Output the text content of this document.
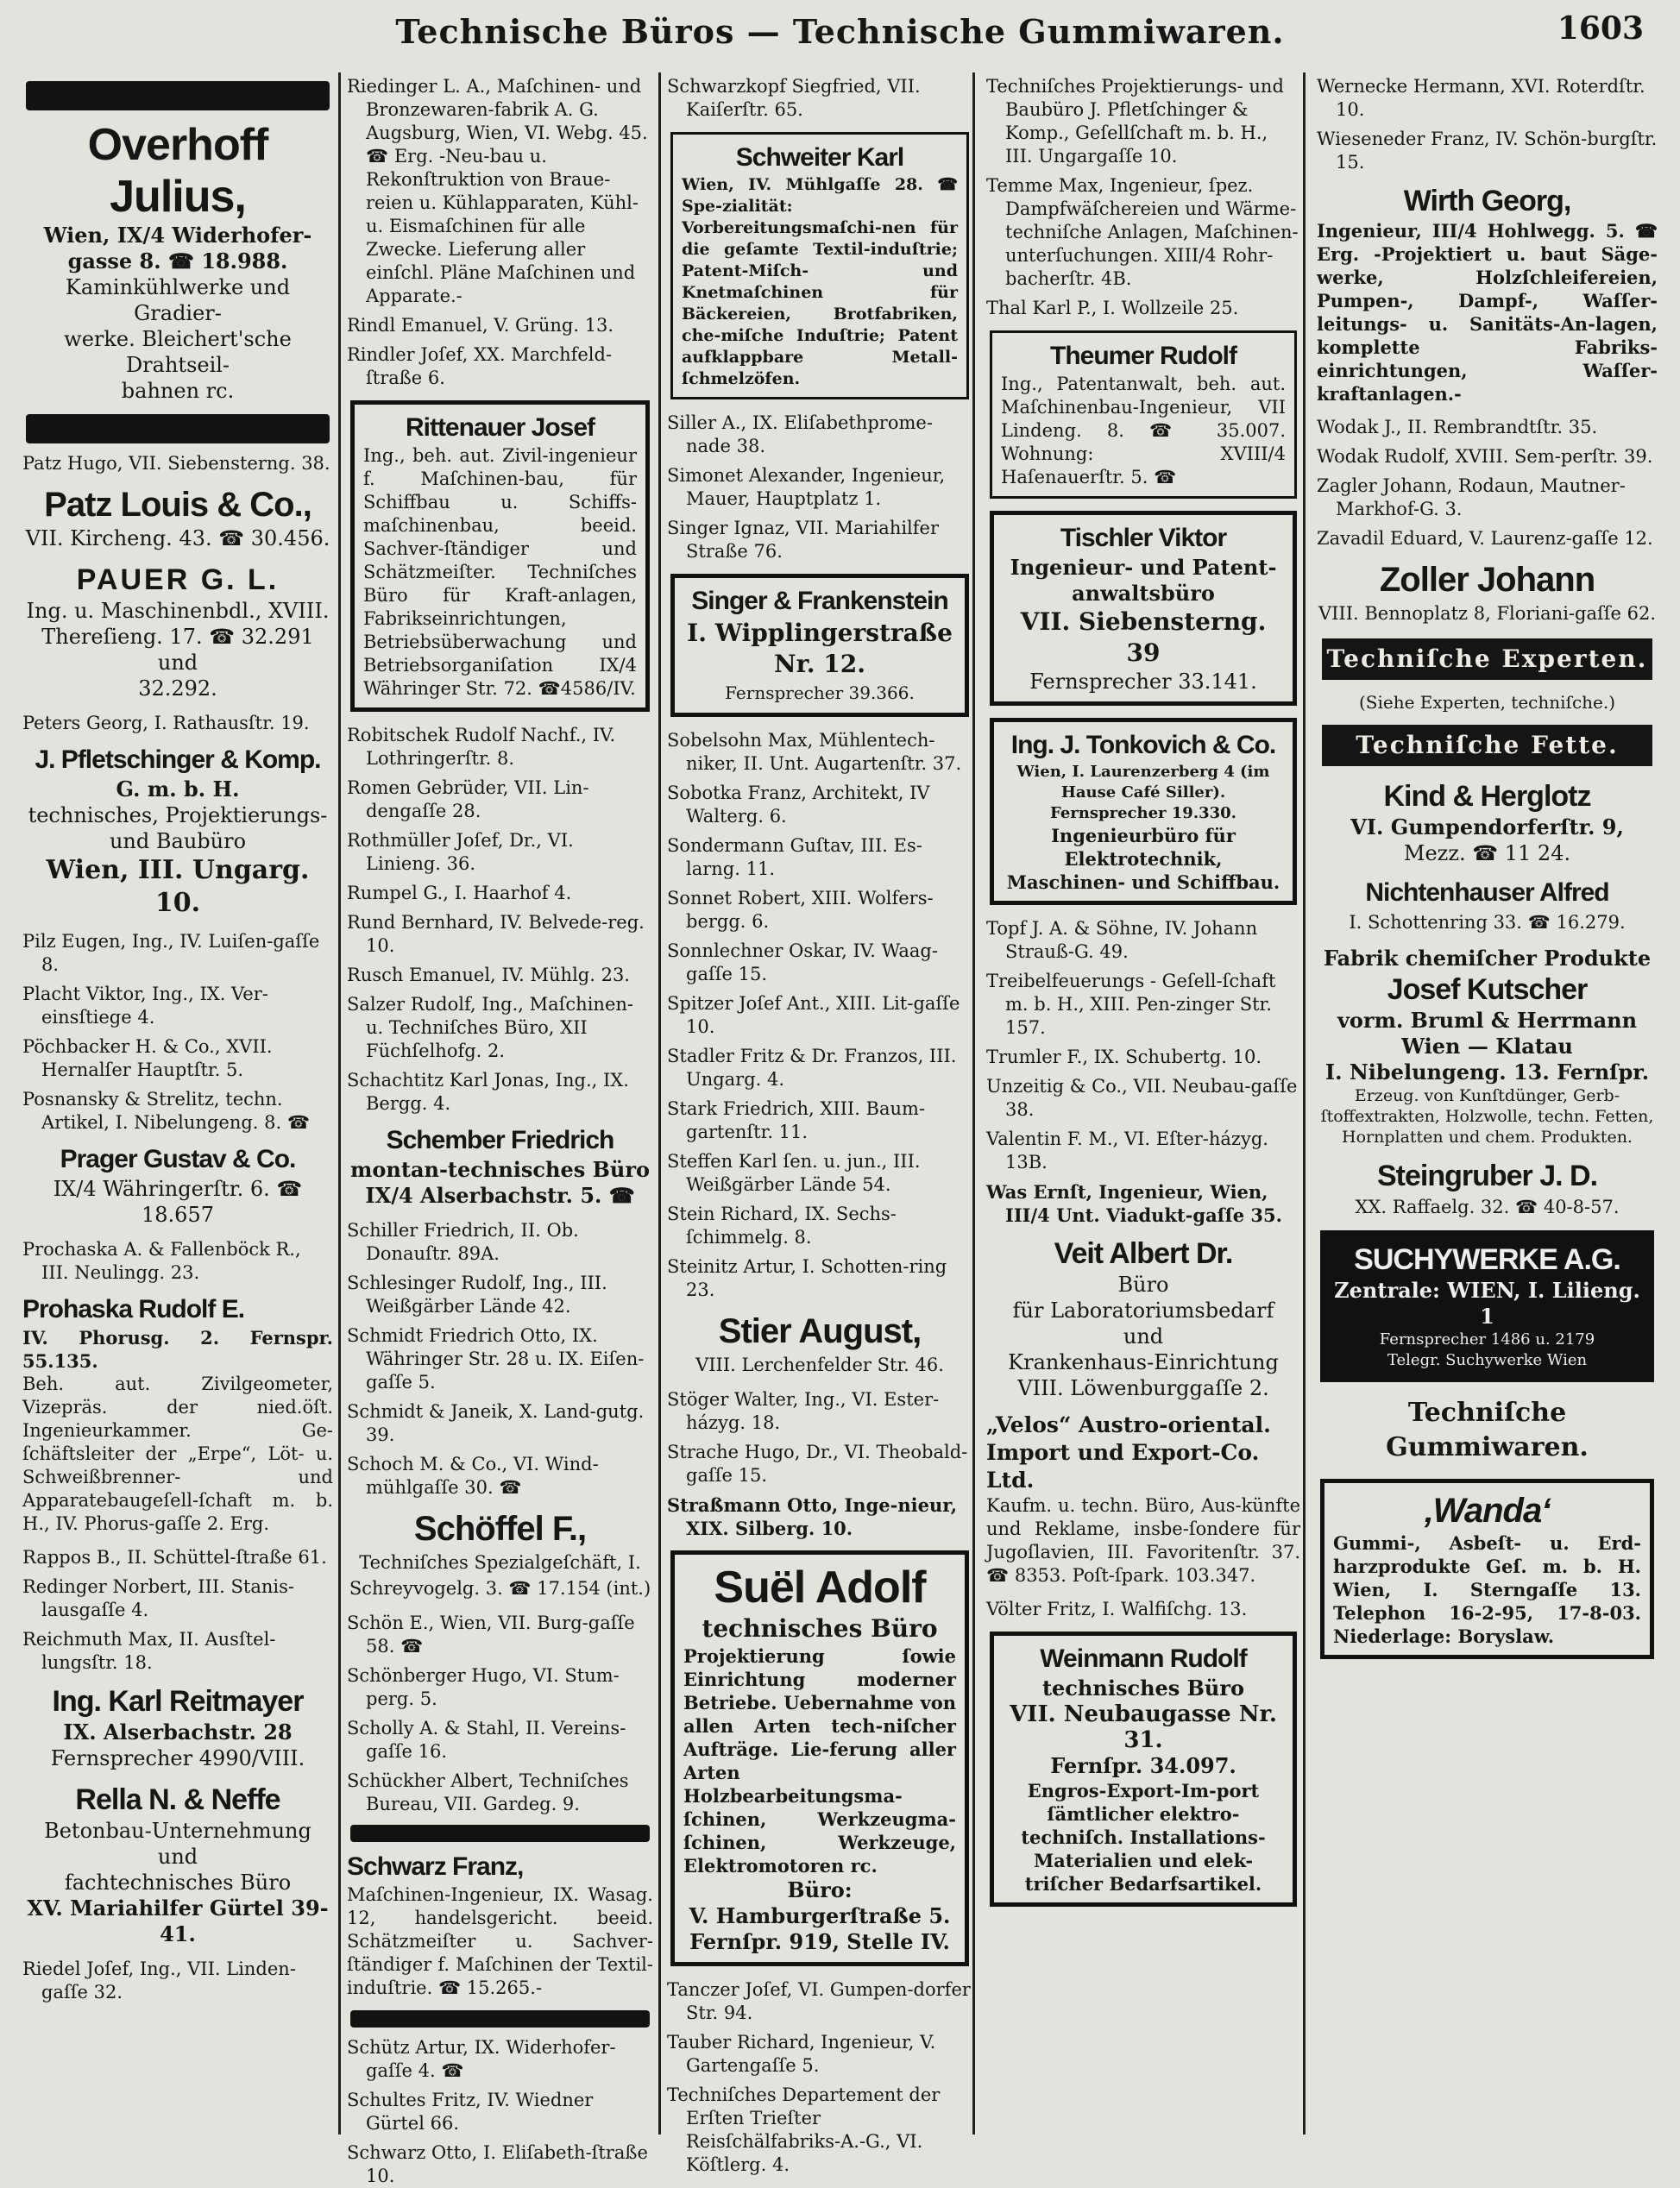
Technische Büros — Technische Gummiwaren.	1603
Overhoff Julius,
Wien, IX/4 Widerhofer-
gasse 8. ☎ 18.988.
Kaminkühlwerke und Gradier-
werke. Bleichert'sche Drahtseil-
bahnen rc.
Patz Hugo, VII. Siebensterng. 38.
Patz Louis & Co.,
VII. Kircheng. 43. ☎ 30.456.
PAUER G. L.
Ing. u. Maschinenbdl., XVIII.
Thereſieng. 17. ☎ 32.291 und
32.292.
Peters Georg, I. Rathausſtr. 19.
J. Pfletschinger & Komp.
G. m. b. H.
technisches, Projektierungs-
und Baubüro
Wien, III. Ungarg. 10.
Pilz Eugen, Ing., IV. Luiſen-gaſſe 8.
Placht Viktor, Ing., IX. Ver-einsſtiege 4.
Pöchbacker H. & Co., XVII. Hernalſer Hauptſtr. 5.
Posnansky & Strelitz, techn. Artikel, I. Nibelungeng. 8. ☎
Prager Gustav & Co.
IX/4 Währingerſtr. 6. ☎ 18.657
Prochaska A. & Fallenböck R., III. Neulingg. 23.
Prohaska Rudolf E.
IV. Phorusg. 2. Fernspr. 55.135.
Beh. aut. Zivilgeometer, Vizepräs. der nied.öſt. Ingenieurkammer. Ge-ſchäftsleiter der „Erpe“, Löt- u. Schweißbrenner- und Apparatebaugeſell-ſchaft m. b. H., IV. Phorus-gaſſe 2. Erg.
Rappos B., II. Schüttel-ſtraße 61.
Redinger Norbert, III. Stanis-lausgaſſe 4.
Reichmuth Max, II. Ausſtel-lungsſtr. 18.
Ing. Karl Reitmayer
IX. Alserbachstr. 28
Fernsprecher 4990/VIII.
Rella N. & Neffe
Betonbau-Unternehmung und
fachtechnisches Büro
XV. Mariahilfer Gürtel 39-41.
Riedel Joſef, Ing., VII. Linden-gaſſe 32.
Riedinger L. A., Maſchinen- und Bronzewaren-fabrik A. G. Augsburg, Wien, VI. Webg. 45. ☎ Erg. -Neu-bau u. Rekonſtruktion von Braue-reien u. Kühlapparaten, Kühl- u. Eismaſchinen für alle Zwecke. Lieferung aller einſchl. Pläne Maſchinen und Apparate.-
Rindl Emanuel, V. Grüng. 13.
Rindler Joſef, XX. Marchfeld-ſtraße 6.
Rittenauer Josef
Ing., beh. aut. Zivil-ingenieur f. Maſchinen-bau, für Schiffbau u. Schiffs-maſchinenbau, beeid. Sachver-ſtändiger und Schätzmeiſter. Techniſches Büro für Kraft-anlagen, Fabrikseinrichtungen, Betriebsüberwachung und Betriebsorganiſation IX/4 Währinger Str. 72. ☎4586/IV.
Robitschek Rudolf Nachf., IV. Lothringerſtr. 8.
Romen Gebrüder, VII. Lin-dengaſſe 28.
Rothmüller Joſef, Dr., VI. Linieng. 36.
Rumpel G., I. Haarhof 4.
Rund Bernhard, IV. Belvede-reg. 10.
Rusch Emanuel, IV. Mühlg. 23.
Salzer Rudolf, Ing., Maſchinen- u. Techniſches Büro, XII Füchſelhofg. 2.
Schachtitz Karl Jonas, Ing., IX. Bergg. 4.
Schember Friedrich
montan-technisches Büro
IX/4 Alserbachstr. 5. ☎
Schiller Friedrich, II. Ob. Donauſtr. 89A.
Schlesinger Rudolf, Ing., III. Weißgärber Lände 42.
Schmidt Friedrich Otto, IX. Währinger Str. 28 u. IX. Eiſen-gaſſe 5.
Schmidt & Janeik, X. Land-gutg. 39.
Schoch M. & Co., VI. Wind-mühlgaſſe 30. ☎
Schöffel F.,
Techniſches Spezialgeſchäft, I. Schreyvogelg. 3. ☎ 17.154 (int.)
Schön E., Wien, VII. Burg-gaſſe 58. ☎
Schönberger Hugo, VI. Stum-perg. 5.
Scholly A. & Stahl, II. Vereins-gaſſe 16.
Schückher Albert, Techniſches Bureau, VII. Gardeg. 9.
Schwarz Franz,
Maſchinen-Ingenieur, IX. Wasag. 12, handelsgericht. beeid. Schätzmeiſter u. Sachver-ſtändiger f. Maſchinen der Textil-induſtrie. ☎ 15.265.-
Schütz Artur, IX. Widerhofer-gaſſe 4. ☎
Schultes Fritz, IV. Wiedner Gürtel 66.
Schwarz Otto, I. Eliſabeth-ſtraße 10.
Schwarzkopf Siegfried, VII. Kaiſerſtr. 65.
Schweiter Karl
Wien, IV. Mühlgaſſe 28. ☎ Spe-zialität: Vorbereitungsmaſchi-nen für die geſamte Textil-induſtrie; Patent-Miſch- und Knetmaſchinen für Bäckereien, Brotfabriken, che-miſche Induſtrie; Patent aufklappbare Metall-ſchmelzöfen.
Siller A., IX. Eliſabethprome-nade 38.
Simonet Alexander, Ingenieur, Mauer, Hauptplatz 1.
Singer Ignaz, VII. Mariahilfer Straße 76.
Singer & Frankenstein
I. Wipplingerstraße Nr. 12.
Fernsprecher 39.366.
Sobelsohn Max, Mühlentech-niker, II. Unt. Augartenſtr. 37.
Sobotka Franz, Architekt, IV Walterg. 6.
Sondermann Guſtav, III. Es-larng. 11.
Sonnet Robert, XIII. Wolfers-bergg. 6.
Sonnlechner Oskar, IV. Waag-gaſſe 15.
Spitzer Joſef Ant., XIII. Lit-gaſſe 10.
Stadler Fritz & Dr. Franzos, III. Ungarg. 4.
Stark Friedrich, XIII. Baum-gartenſtr. 11.
Steffen Karl ſen. u. jun., III. Weißgärber Lände 54.
Stein Richard, IX. Sechs-ſchimmelg. 8.
Steinitz Artur, I. Schotten-ring 23.
Stier August,
VIII. Lerchenfelder Str. 46.
Stöger Walter, Ing., VI. Ester-házyg. 18.
Strache Hugo, Dr., VI. Theobald-gaſſe 15.
Straßmann Otto, Inge-nieur, XIX. Silberg. 10.
Suël Adolf
technisches Büro
Projektierung ſowie Einrichtung moderner Betriebe. Uebernahme von allen Arten tech-niſcher Aufträge. Lie-ferung aller Arten Holzbearbeitungsma-ſchinen, Werkzeugma-ſchinen, Werkzeuge, Elektromotoren rc.
Büro:
V. Hamburgerſtraße 5.
Fernſpr. 919, Stelle IV.
Tanczer Joſef, VI. Gumpen-dorfer Str. 94.
Tauber Richard, Ingenieur, V. Gartengaſſe 5.
Techniſches Departement der Erſten Trieſter Reisſchälfabriks-A.-G., VI. Köſtlerg. 4.
Techniſches Projektierungs- und Baubüro J. Pfletſchinger & Komp., Geſellſchaft m. b. H., III. Ungargaſſe 10.
Temme Max, Ingenieur, ſpez. Dampfwäſchereien und Wärme-techniſche Anlagen, Maſchinen-unterſuchungen. XIII/4 Rohr-bacherſtr. 4B.
Thal Karl P., I. Wollzeile 25.
Theumer Rudolf
Ing., Patentanwalt, beh. aut. Maſchinenbau-Ingenieur, VII Lindeng. 8. ☎ 35.007. Wohnung: XVIII/4 Haſenauerſtr. 5. ☎
Tischler Viktor
Ingenieur- und Patent-
anwaltsbüro
VII. Siebensterng. 39
Fernsprecher 33.141.
Ing. J. Tonkovich & Co.
Wien, I. Laurenzerberg 4 (im Hause Café Siller). Fernsprecher 19.330.
Ingenieurbüro für Elektrotechnik, Maschinen- und Schiffbau.
Topf J. A. & Söhne, IV. Johann Strauß-G. 49.
Treibelfeuerungs - Geſell-ſchaft m. b. H., XIII. Pen-zinger Str. 157.
Trumler F., IX. Schubertg. 10.
Unzeitig & Co., VII. Neubau-gaſſe 38.
Valentin F. M., VI. Eſter-házyg. 13B.
Was Ernſt, Ingenieur, Wien, III/4 Unt. Viadukt-gaſſe 35.
Veit Albert Dr.
Büro
für Laboratoriumsbedarf
und
Krankenhaus-Einrichtung
VIII. Löwenburggaſſe 2.
„Velos“ Austro-oriental. Import und Export-Co. Ltd.
Kaufm. u. techn. Büro, Aus-künfte und Reklame, insbe-ſondere für Jugoſlavien, III. Favoritenſtr. 37. ☎ 8353. Poſt-ſpark. 103.347.
Völter Fritz, I. Walfiſchg. 13.
Weinmann Rudolf
technisches Büro
VII. Neubaugasse Nr. 31.
Fernſpr. 34.097.
Engros-Export-Im-port ſämtlicher elektro-techniſch. Installations-Materialien und elek-triſcher Bedarfsartikel.
Wernecke Hermann, XVI. Roterdſtr. 10.
Wieseneder Franz, IV. Schön-burgſtr. 15.
Wirth Georg,
Ingenieur, III/4 Hohlwegg. 5. ☎ Erg. -Projektiert u. baut Säge-werke, Holzſchleifereien, Pumpen-, Dampf-, Waſſer-leitungs- u. Sanitäts-An-lagen, komplette Fabriks-einrichtungen, Waſſer-kraftanlagen.-
Wodak J., II. Rembrandtſtr. 35.
Wodak Rudolf, XVIII. Sem-perſtr. 39.
Zagler Johann, Rodaun, Mautner-Markhof-G. 3.
Zavadil Eduard, V. Laurenz-gaſſe 12.
Zoller Johann
VIII. Bennoplatz 8, Floriani-gaſſe 62.
Techniſche Experten.
(Siehe Experten, techniſche.)
Techniſche Fette.
Kind & Herglotz
VI. Gumpendorferſtr. 9,
Mezz. ☎ 11 24.
Nichtenhauser Alfred
I. Schottenring 33. ☎ 16.279.
Fabrik chemiſcher Produkte
Josef Kutscher
vorm. Bruml & Herrmann
Wien — Klatau
I. Nibelungeng. 13. Fernſpr.
Erzeug. von Kunſtdünger, Gerb-ſtoffextrakten, Holzwolle, techn. Fetten, Hornplatten und chem. Produkten.
Steingruber J. D.
XX. Raffaelg. 32. ☎ 40-8-57.
SUCHYWERKE A.G.
Zentrale: WIEN, I. Lilieng. 1
Fernsprecher 1486 u. 2179
Telegr. Suchywerke Wien
Techniſche Gummiwaren.
‚Wanda‘
Gummi-, Asbeſt- u. Erd-harzprodukte Geſ. m. b. H. Wien, I. Sterngaſſe 13. Telephon 16-2-95, 17-8-03. Niederlage: Boryslaw.
